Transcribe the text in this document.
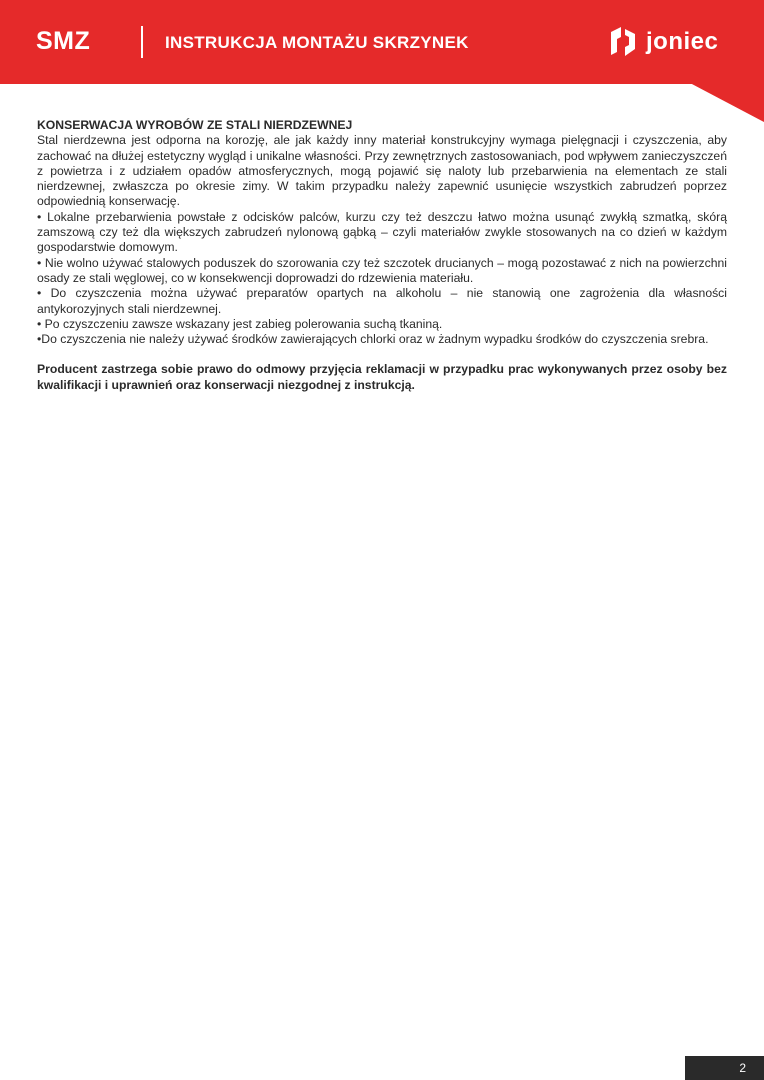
SMZ	INSTRUKCJA MONTAŻU SKRZYNEK	joniec

KONSERWACJA WYROBÓW ZE STALI NIERDZEWNEJ

Stal nierdzewna jest odporna na korozję, ale jak każdy inny materiał konstrukcyjny wymaga pielęgnacji i czyszczenia, aby zachować na dłużej estetyczny wygląd i unikalne własności. Przy zewnętrznych zastosowaniach, pod wpływem zanieczyszczeń z powietrza i z udziałem opadów atmosferycznych, mogą pojawić się naloty lub przebarwienia na elementach ze stali nierdzewnej, zwłaszcza po okresie zimy. W takim przypadku należy zapewnić usunięcie wszystkich zabrudzeń poprzez odpowiednią konserwację.

• Lokalne przebarwienia powstałe z odcisków palców, kurzu czy też deszczu łatwo można usunąć zwykłą szmatką, skórą zamszową czy też dla większych zabrudzeń nylonową gąbką – czyli materiałów zwykle stosowanych na co dzień w każdym gospodarstwie domowym.

• Nie wolno używać stalowych poduszek do szorowania czy też szczotek drucianych – mogą pozostawać z nich na powierzchni osady ze stali węglowej, co w konsekwencji doprowadzi do rdzewienia materiału.

• Do czyszczenia można używać preparatów opartych na alkoholu – nie stanowią one zagrożenia dla własności antykorozyjnych stali nierdzewnej.

• Po czyszczeniu zawsze wskazany jest zabieg polerowania suchą tkaniną.

•Do czyszczenia nie należy używać środków zawierających chlorki oraz w żadnym wypadku środków do czyszczenia srebra.

Producent zastrzega sobie prawo do odmowy przyjęcia reklamacji w przypadku prac wykonywanych przez osoby bez kwalifikacji i uprawnień oraz konserwacji niezgodnej z instrukcją.

2
